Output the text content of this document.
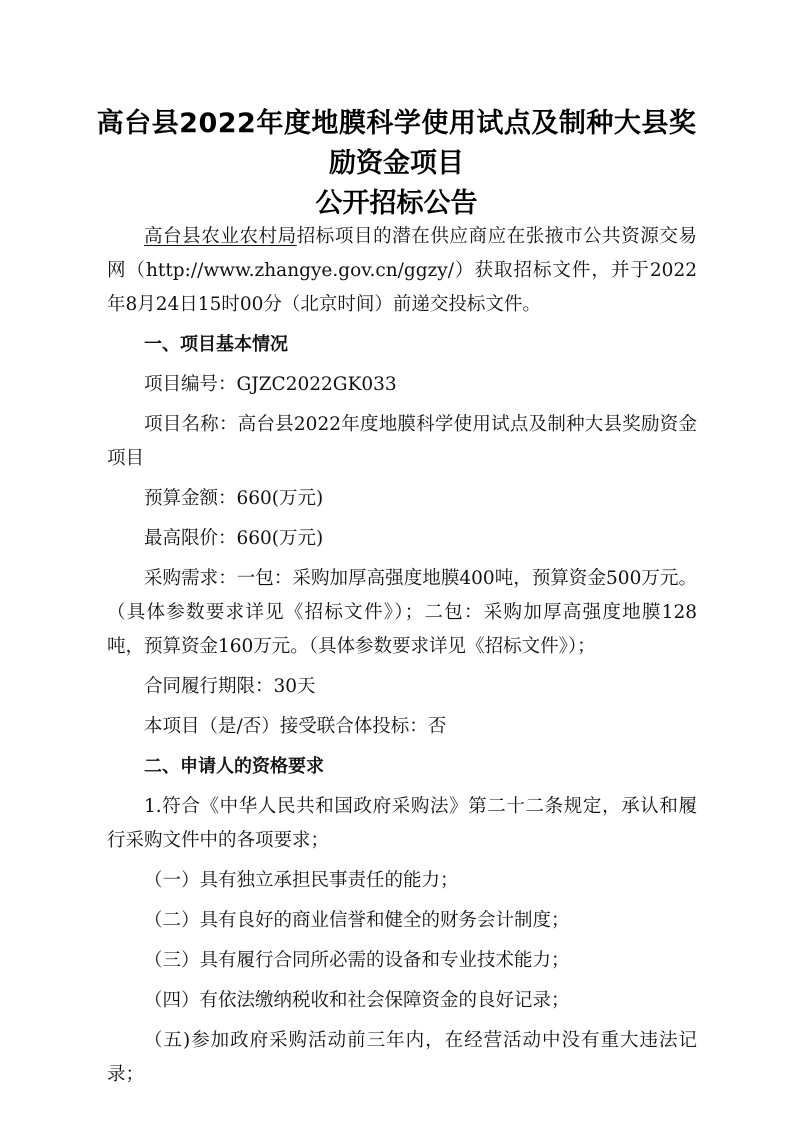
高台县2022年度地膜科学使用试点及制种大县奖
励资金项目
公开招标公告

高台县农业农村局招标项目的潜在供应商应在张掖市公共资源交易网（http://www.zhangye.gov.cn/ggzy/）获取招标文件，并于2022年8月24日15时00分（北京时间）前递交投标文件。

一、项目基本情况

项目编号：GJZC2022GK033

项目名称：高台县2022年度地膜科学使用试点及制种大县奖励资金项目

预算金额：660(万元)

最高限价：660(万元)

采购需求：一包：采购加厚高强度地膜400吨，预算资金500万元。（具体参数要求详见《招标文件》）；二包：采购加厚高强度地膜128吨，预算资金160万元。（具体参数要求详见《招标文件》）；

合同履行期限：30天

本项目（是/否）接受联合体投标：否

二、申请人的资格要求

1.符合《中华人民共和国政府采购法》第二十二条规定，承认和履行采购文件中的各项要求；

（一）具有独立承担民事责任的能力；

（二）具有良好的商业信誉和健全的财务会计制度；

（三）具有履行合同所必需的设备和专业技术能力；

（四）有依法缴纳税收和社会保障资金的良好记录；

（五)参加政府采购活动前三年内，在经营活动中没有重大违法记录；
